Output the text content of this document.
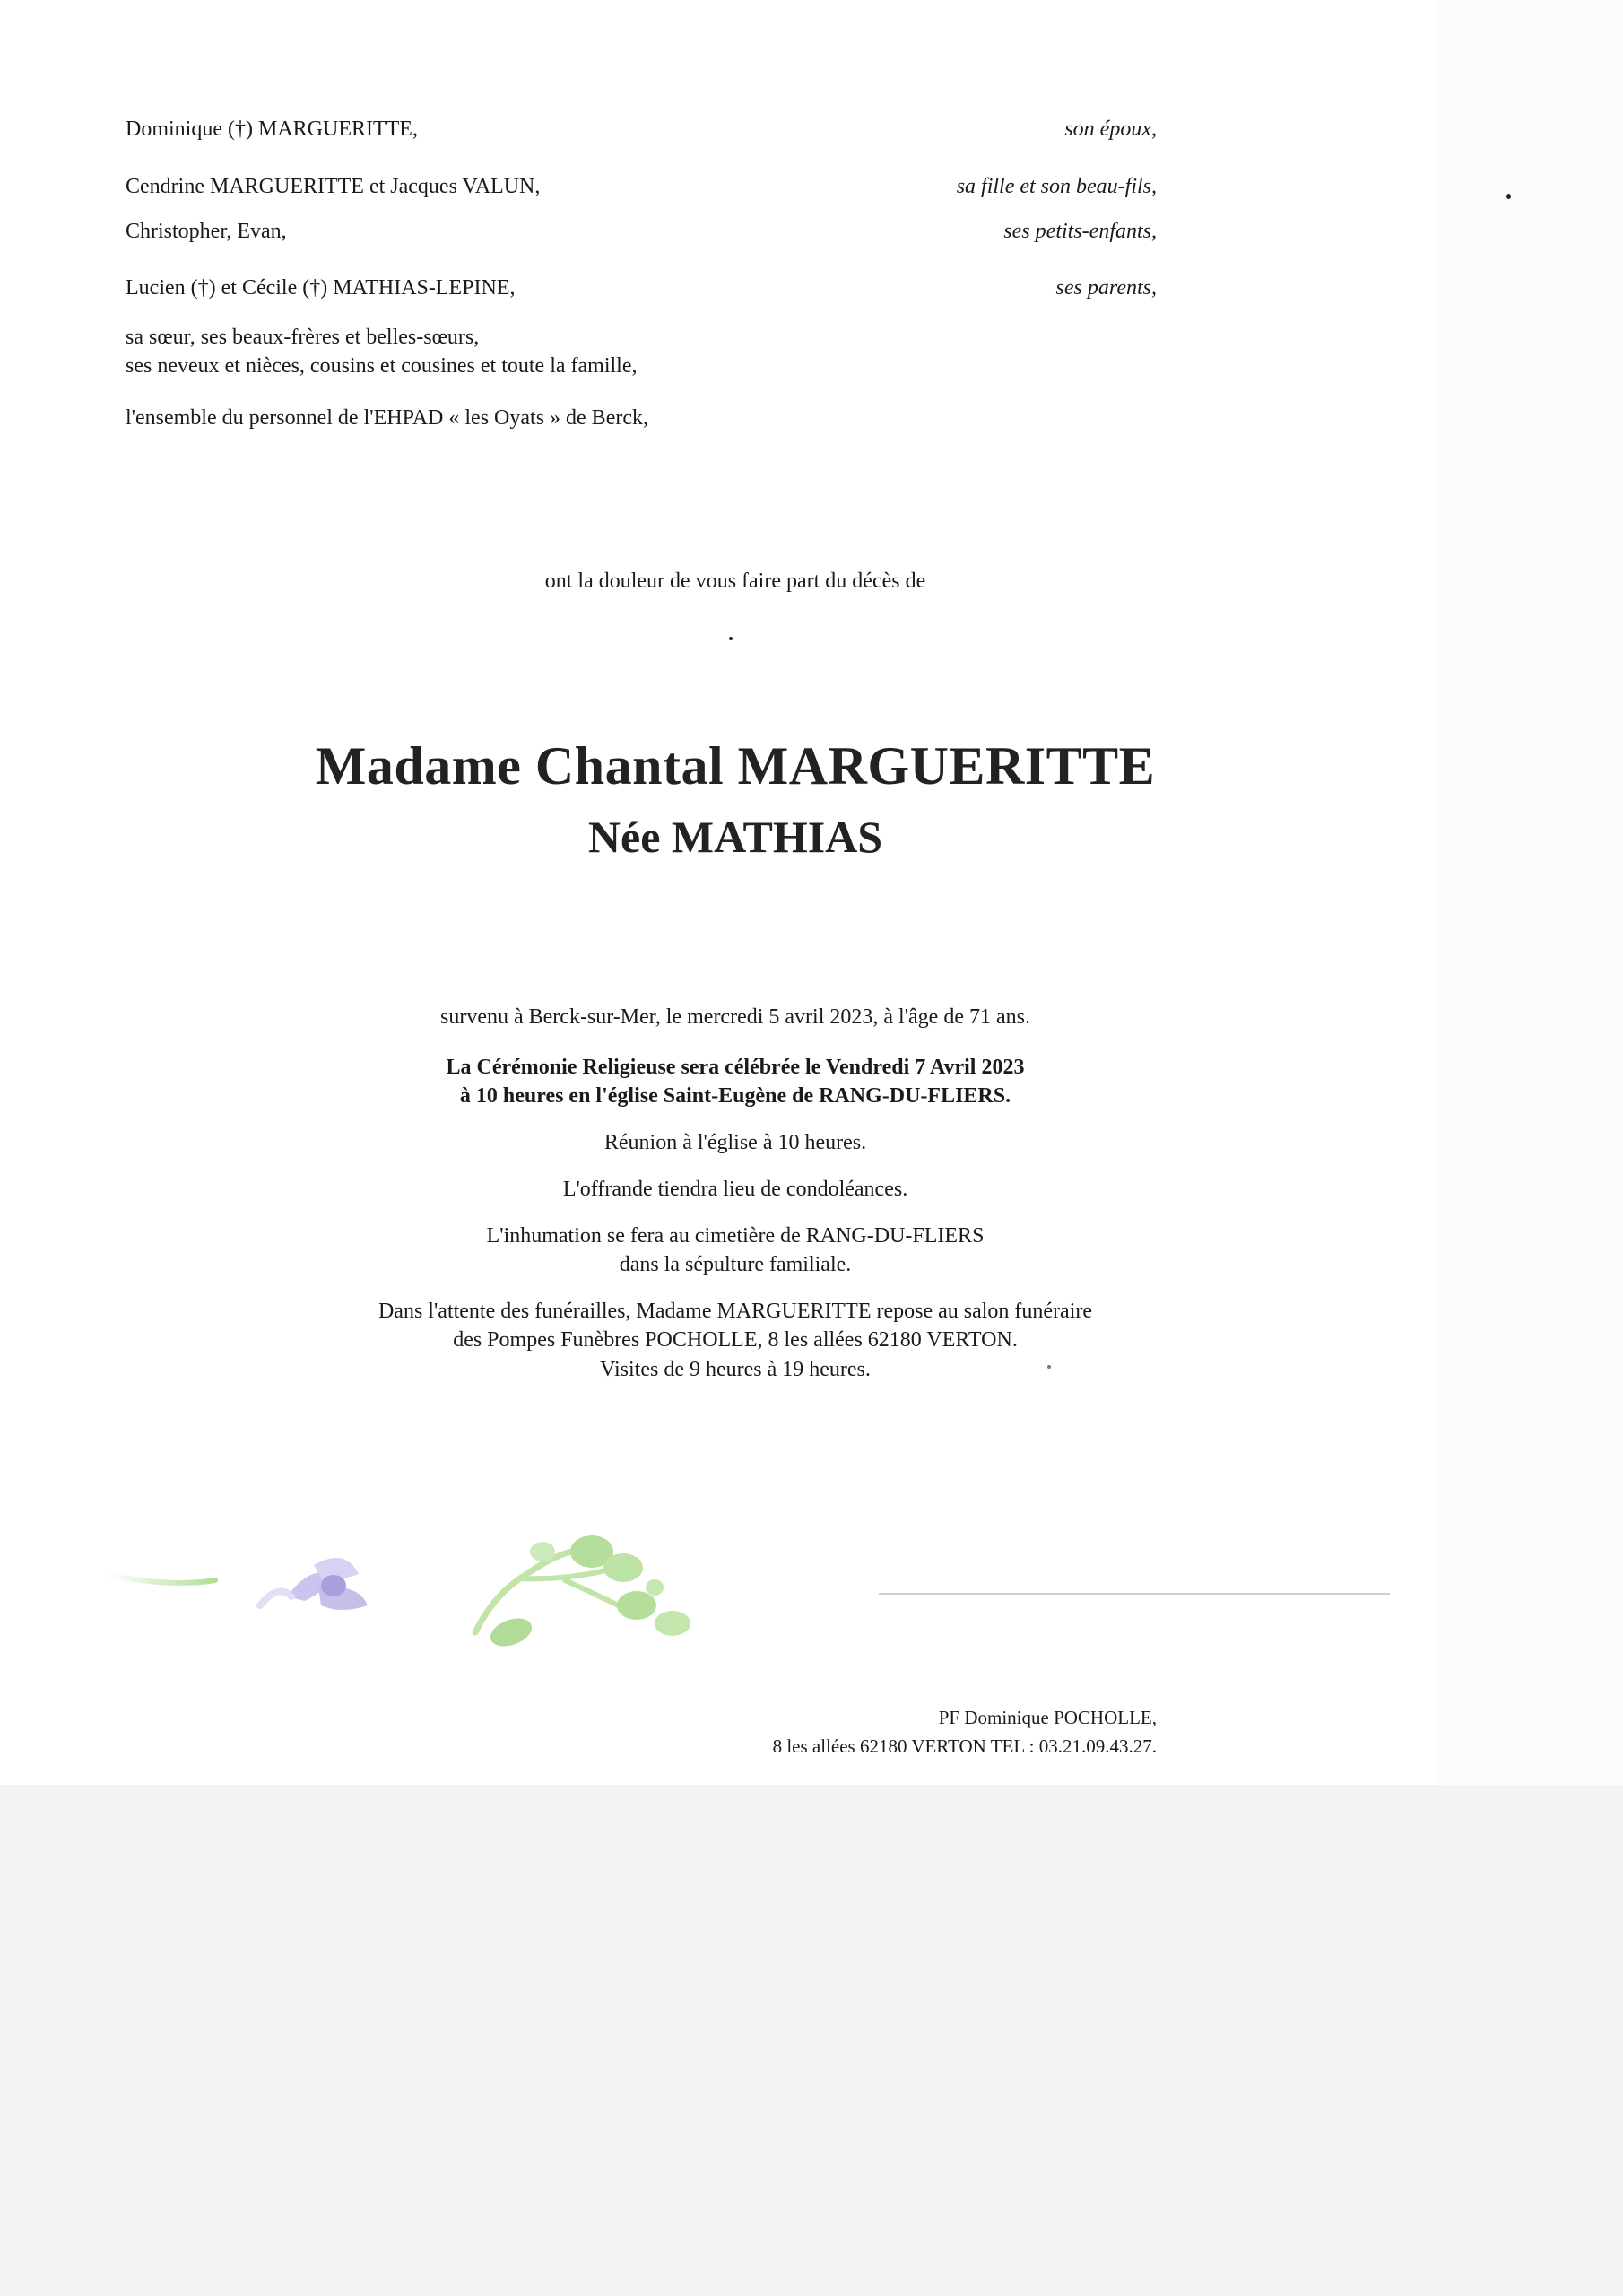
Dominique (†) MARGUERITTE,	son époux,
Cendrine MARGUERITTE et Jacques VALUN,	sa fille et son beau-fils,
Christopher, Evan,	ses petits-enfants,
Lucien (†) et Cécile (†) MATHIAS-LEPINE,	ses parents,
sa sœur, ses beaux-frères et belles-sœurs,
ses neveux et nièces, cousins et cousines et toute la famille,
l'ensemble du personnel de l'EHPAD « les Oyats » de Berck,
ont la douleur de vous faire part du décès de
Madame Chantal MARGUERITTE
Née MATHIAS
survenu à Berck-sur-Mer, le mercredi 5 avril 2023, à l'âge de 71 ans.
La Cérémonie Religieuse sera célébrée le Vendredi 7 Avril 2023
à 10 heures en l'église Saint-Eugène de RANG-DU-FLIERS.
Réunion à l'église à 10 heures.
L'offrande tiendra lieu de condoléances.
L'inhumation se fera au cimetière de RANG-DU-FLIERS
dans la sépulture familiale.
Dans l'attente des funérailles, Madame MARGUERITTE repose au salon funéraire
des Pompes Funèbres POCHOLLE, 8 les allées 62180 VERTON.
Visites de 9 heures à 19 heures.
PF Dominique POCHOLLE,
8 les allées 62180 VERTON TEL : 03.21.09.43.27.
